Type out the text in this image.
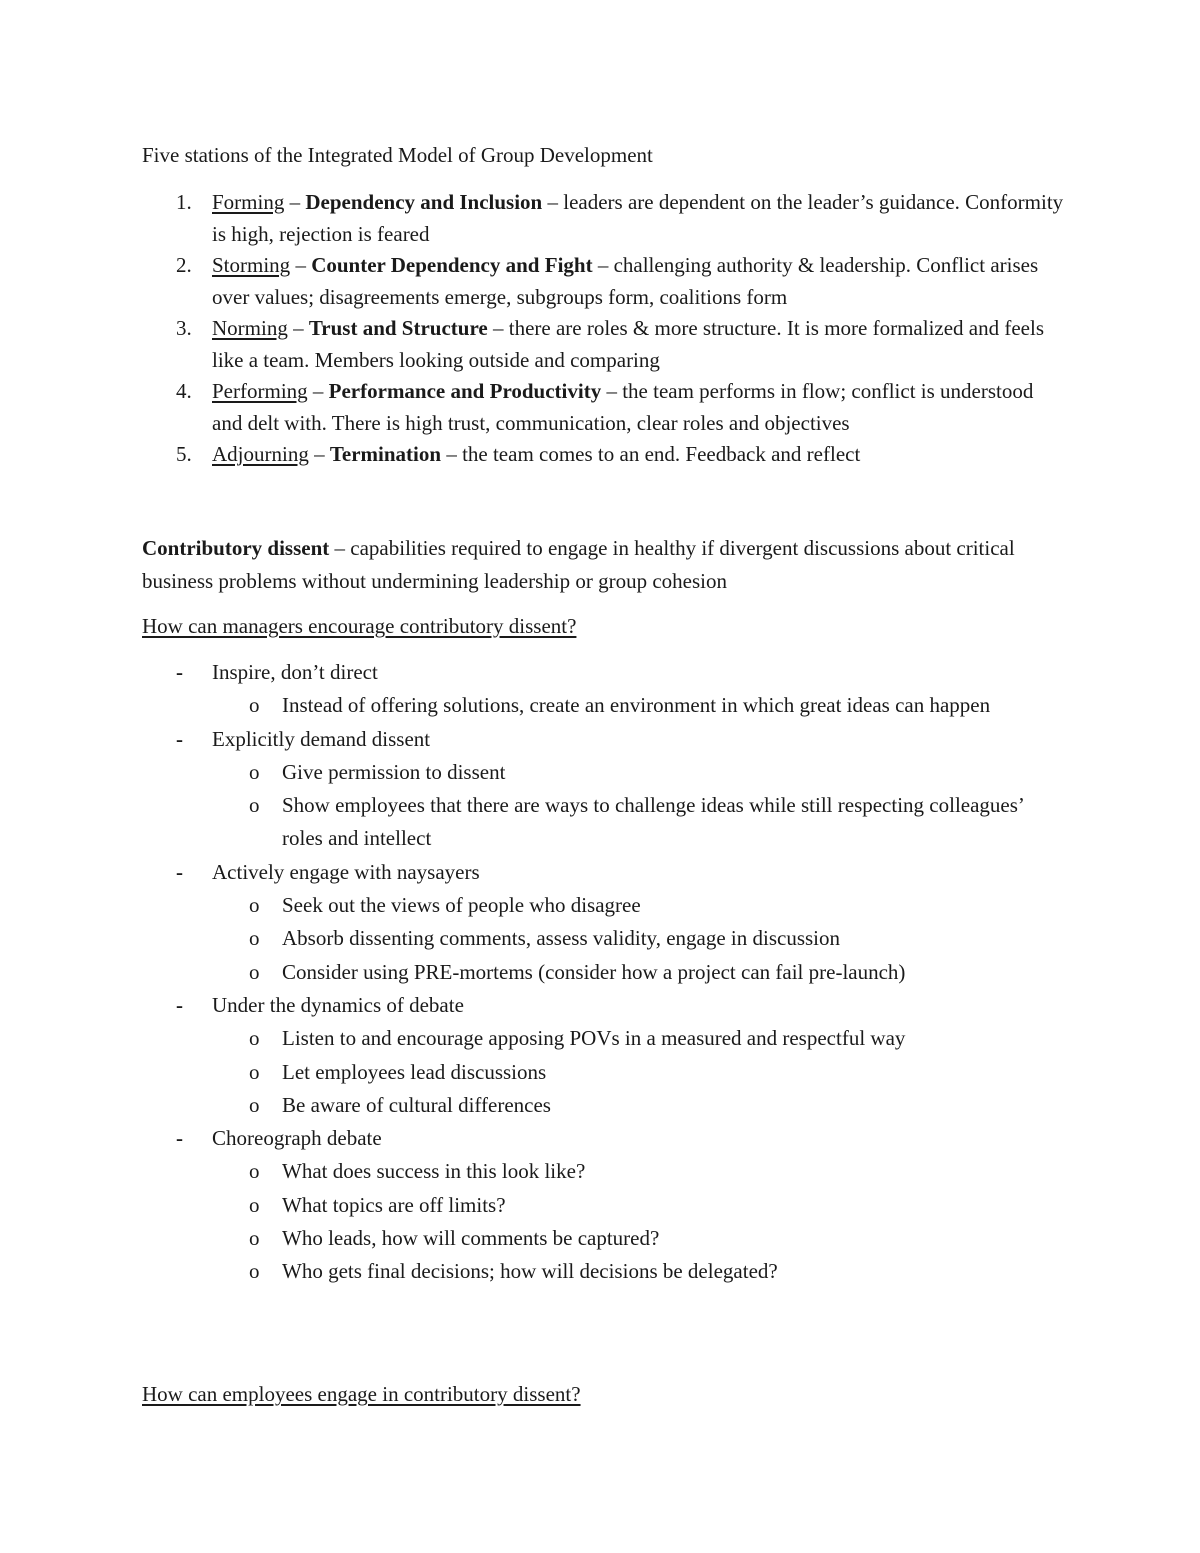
Five stations of the Integrated Model of Group Development
1. Forming – Dependency and Inclusion – leaders are dependent on the leader’s guidance. Conformity is high, rejection is feared
2. Storming – Counter Dependency and Fight – challenging authority & leadership. Conflict arises over values; disagreements emerge, subgroups form, coalitions form
3. Norming – Trust and Structure – there are roles & more structure. It is more formalized and feels like a team. Members looking outside and comparing
4. Performing – Performance and Productivity – the team performs in flow; conflict is understood and delt with. There is high trust, communication, clear roles and objectives
5. Adjourning – Termination – the team comes to an end. Feedback and reflect

Contributory dissent – capabilities required to engage in healthy if divergent discussions about critical business problems without undermining leadership or group cohesion

How can managers encourage contributory dissent?
- Inspire, don’t direct
o Instead of offering solutions, create an environment in which great ideas can happen
- Explicitly demand dissent
o Give permission to dissent
o Show employees that there are ways to challenge ideas while still respecting colleagues’ roles and intellect
- Actively engage with naysayers
o Seek out the views of people who disagree
o Absorb dissenting comments, assess validity, engage in discussion
o Consider using PRE-mortems (consider how a project can fail pre-launch)
- Under the dynamics of debate
o Listen to and encourage apposing POVs in a measured and respectful way
o Let employees lead discussions
o Be aware of cultural differences
- Choreograph debate
o What does success in this look like?
o What topics are off limits?
o Who leads, how will comments be captured?
o Who gets final decisions; how will decisions be delegated?
How can employees engage in contributory dissent?
